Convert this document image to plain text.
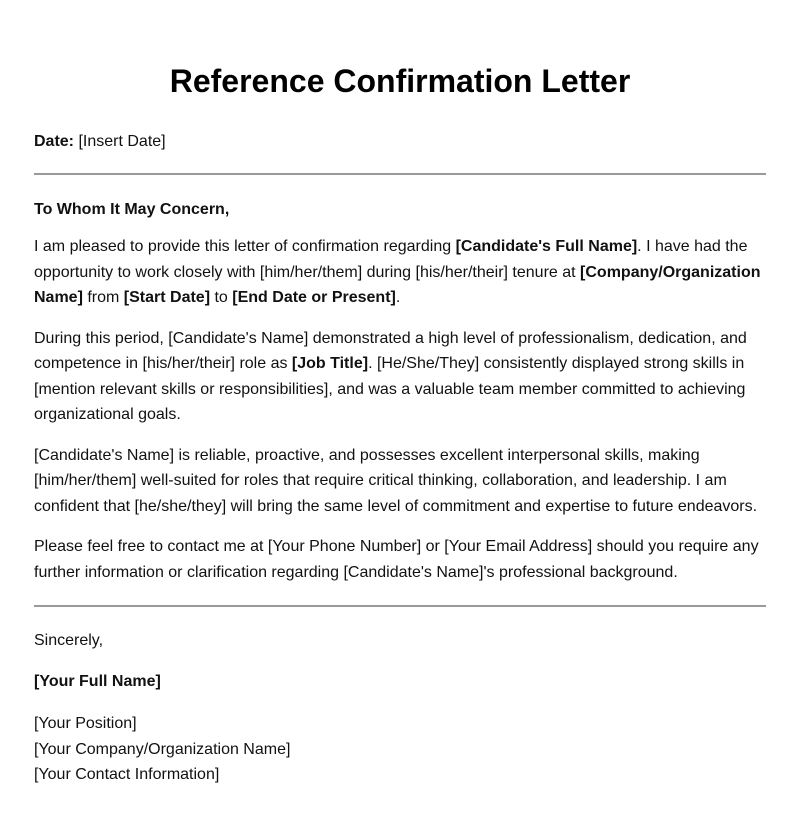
Reference Confirmation Letter
Date: [Insert Date]
To Whom It May Concern,

I am pleased to provide this letter of confirmation regarding [Candidate's Full Name]. I have had the opportunity to work closely with [him/her/them] during [his/her/their] tenure at [Company/Organization Name] from [Start Date] to [End Date or Present].

During this period, [Candidate's Name] demonstrated a high level of professionalism, dedication, and competence in [his/her/their] role as [Job Title]. [He/She/They] consistently displayed strong skills in [mention relevant skills or responsibilities], and was a valuable team member committed to achieving organizational goals.

[Candidate's Name] is reliable, proactive, and possesses excellent interpersonal skills, making [him/her/them] well-suited for roles that require critical thinking, collaboration, and leadership. I am confident that [he/she/they] will bring the same level of commitment and expertise to future endeavors.

Please feel free to contact me at [Your Phone Number] or [Your Email Address] should you require any further information or clarification regarding [Candidate's Name]'s professional background.

Sincerely,
[Your Full Name]
[Your Position]
[Your Company/Organization Name]
[Your Contact Information]
